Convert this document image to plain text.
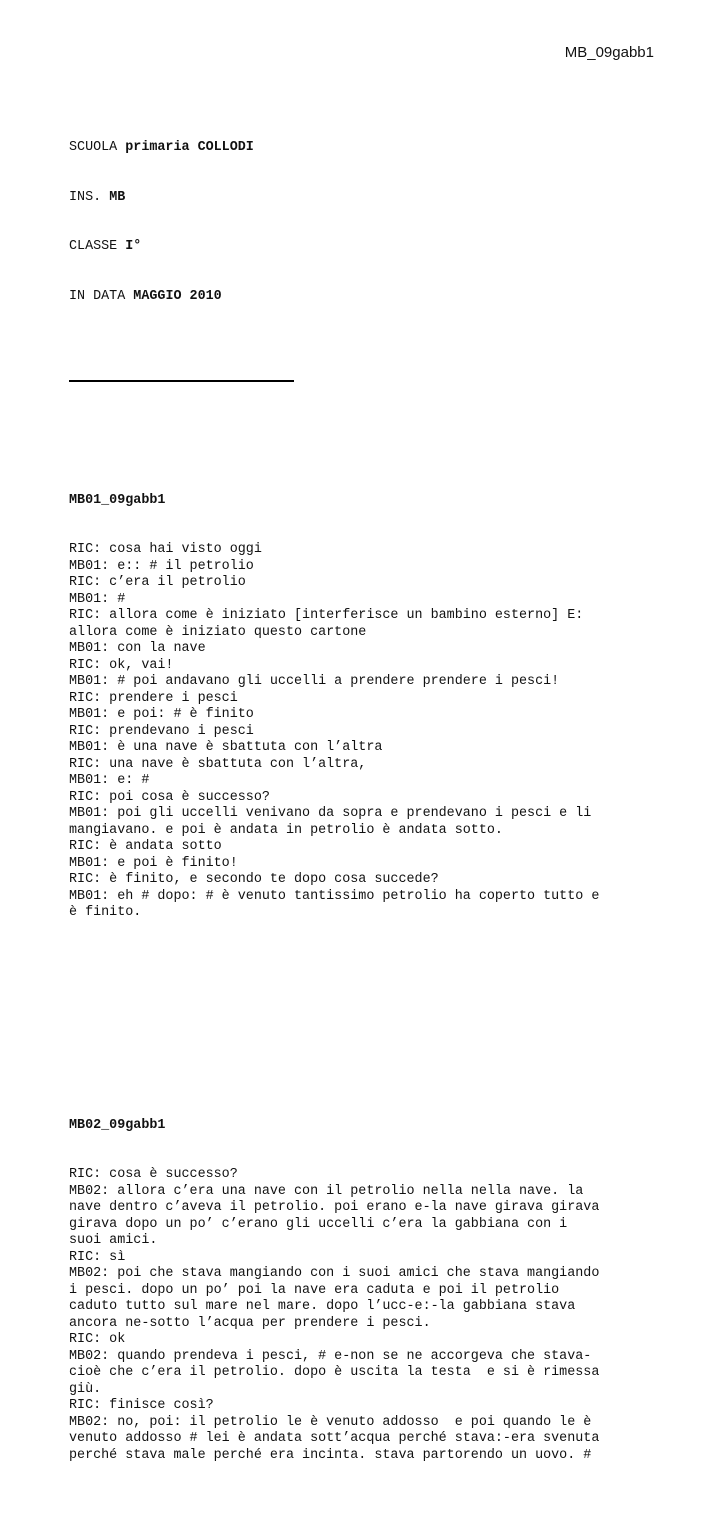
MB_09gabb1

SCUOLA primaria COLLODI

INS. MB

CLASSE I°

IN DATA MAGGIO 2010

MB01_09gabb1

RIC: cosa hai visto oggi

MB01: e:: # il petrolio

RIC: c’era il petrolio

MB01: #

RIC: allora come è iniziato [interferisce un bambino esterno] E:

allora come è iniziato questo cartone

MB01: con la nave

RIC: ok, vai!

MB01: # poi andavano gli uccelli a prendere prendere i pesci!

RIC: prendere i pesci

MB01: e poi: # è finito

RIC: prendevano i pesci

MB01: è una nave è sbattuta con l’altra

RIC: una nave è sbattuta con l’altra,

MB01: e: #

RIC: poi cosa è successo?

MB01: poi gli uccelli venivano da sopra e prendevano i pesci e li

mangiavano. e poi è andata in petrolio è andata sotto.

RIC: è andata sotto

MB01: e poi è finito!

RIC: è finito, e secondo te dopo cosa succede?

MB01: eh # dopo: # è venuto tantissimo petrolio ha coperto tutto e

è finito.

MB02_09gabb1

RIC: cosa è successo?

MB02: allora c’era una nave con il petrolio nella nella nave. la

nave dentro c’aveva il petrolio. poi erano e-la nave girava girava

girava dopo un po’ c’erano gli uccelli c’era la gabbiana con i

suoi amici.

RIC: sì

MB02: poi che stava mangiando con i suoi amici che stava mangiando

i pesci. dopo un po’ poi la nave era caduta e poi il petrolio

caduto tutto sul mare nel mare. dopo l’ucc-e:-la gabbiana stava

ancora ne-sotto l’acqua per prendere i pesci.

RIC: ok

MB02: quando prendeva i pesci, # e-non se ne accorgeva che stava-

cioè che c’era il petrolio. dopo è uscita la testa  e si è rimessa

giù.

RIC: finisce così?

MB02: no, poi: il petrolio le è venuto addosso  e poi quando le è

venuto addosso # lei è andata sott’acqua perché stava:-era svenuta

perché stava male perché era incinta. stava partorendo un uovo. #
